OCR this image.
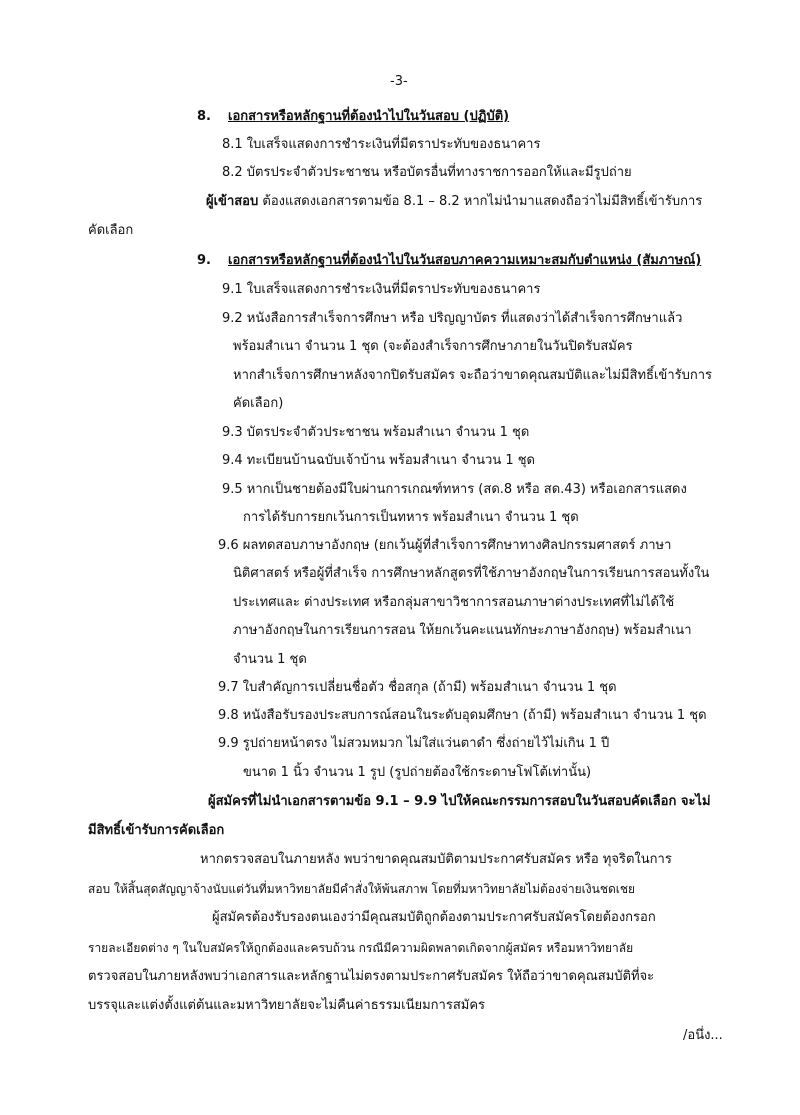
-3-
8. เอกสารหรือหลักฐานที่ต้องนำไปในวันสอบ (ปฏิบัติ)
8.1 ใบเสร็จแสดงการชำระเงินที่มีตราประทับของธนาคาร
8.2 บัตรประจำตัวประชาชน หรือบัตรอื่นที่ทางราชการออกให้และมีรูปถ่าย
ผู้เข้าสอบ ต้องแสดงเอกสารตามข้อ 8.1 – 8.2 หากไม่นำมาแสดงถือว่าไม่มีสิทธิ์เข้ารับการ
คัดเลือก
9. เอกสารหรือหลักฐานที่ต้องนำไปในวันสอบภาคความเหมาะสมกับตำแหน่ง (สัมภาษณ์)
9.1 ใบเสร็จแสดงการชำระเงินที่มีตราประทับของธนาคาร
9.2 หนังสือการสำเร็จการศึกษา หรือ ปริญญาบัตร ที่แสดงว่าได้สำเร็จการศึกษาแล้ว
พร้อมสำเนา จำนวน 1 ชุด (จะต้องสำเร็จการศึกษาภายในวันปิดรับสมัคร
หากสำเร็จการศึกษาหลังจากปิดรับสมัคร จะถือว่าขาดคุณสมบัติและไม่มีสิทธิ์เข้ารับการ
คัดเลือก)
9.3 บัตรประจำตัวประชาชน พร้อมสำเนา จำนวน 1 ชุด
9.4 ทะเบียนบ้านฉบับเจ้าบ้าน พร้อมสำเนา จำนวน 1 ชุด
9.5 หากเป็นชายต้องมีใบผ่านการเกณฑ์ทหาร (สด.8 หรือ สด.43) หรือเอกสารแสดง
การได้รับการยกเว้นการเป็นทหาร พร้อมสำเนา จำนวน 1 ชุด
9.6 ผลทดสอบภาษาอังกฤษ (ยกเว้นผู้ที่สำเร็จการศึกษาทางศิลปกรรมศาสตร์ ภาษา
นิติศาสตร์ หรือผู้ที่สำเร็จ การศึกษาหลักสูตรที่ใช้ภาษาอังกฤษในการเรียนการสอนทั้งใน
ประเทศและ ต่างประเทศ หรือกลุ่มสาขาวิชาการสอนภาษาต่างประเทศที่ไม่ได้ใช้
ภาษาอังกฤษในการเรียนการสอน ให้ยกเว้นคะแนนทักษะภาษาอังกฤษ) พร้อมสำเนา
จำนวน 1 ชุด
9.7 ใบสำคัญการเปลี่ยนชื่อตัว ชื่อสกุล (ถ้ามี) พร้อมสำเนา จำนวน 1 ชุด
9.8 หนังสือรับรองประสบการณ์สอนในระดับอุดมศึกษา (ถ้ามี) พร้อมสำเนา จำนวน 1 ชุด
9.9 รูปถ่ายหน้าตรง ไม่สวมหมวก ไม่ใส่แว่นตาดำ ซึ่งถ่ายไว้ไม่เกิน 1 ปี
ขนาด 1 นิ้ว จำนวน 1 รูป (รูปถ่ายต้องใช้กระดาษโฟโต้เท่านั้น)
ผู้สมัครที่ไม่นำเอกสารตามข้อ 9.1 – 9.9 ไปให้คณะกรรมการสอบในวันสอบคัดเลือก จะไม่
มีสิทธิ์เข้ารับการคัดเลือก
หากตรวจสอบในภายหลัง พบว่าขาดคุณสมบัติตามประกาศรับสมัคร หรือ ทุจริตในการ
สอบ ให้สิ้นสุดสัญญาจ้างนับแต่วันที่มหาวิทยาลัยมีคำสั่งให้พ้นสภาพ โดยที่มหาวิทยาลัยไม่ต้องจ่ายเงินชดเชย
ผู้สมัครต้องรับรองตนเองว่ามีคุณสมบัติถูกต้องตามประกาศรับสมัครโดยต้องกรอก
รายละเอียดต่าง ๆ ในใบสมัครให้ถูกต้องและครบถ้วน กรณีมีความผิดพลาดเกิดจากผู้สมัคร หรือมหาวิทยาลัย
ตรวจสอบในภายหลังพบว่าเอกสารและหลักฐานไม่ตรงตามประกาศรับสมัคร ให้ถือว่าขาดคุณสมบัติที่จะ
บรรจุและแต่งตั้งแต่ต้นและมหาวิทยาลัยจะไม่คืนค่าธรรมเนียมการสมัคร
/อนึ่ง...
